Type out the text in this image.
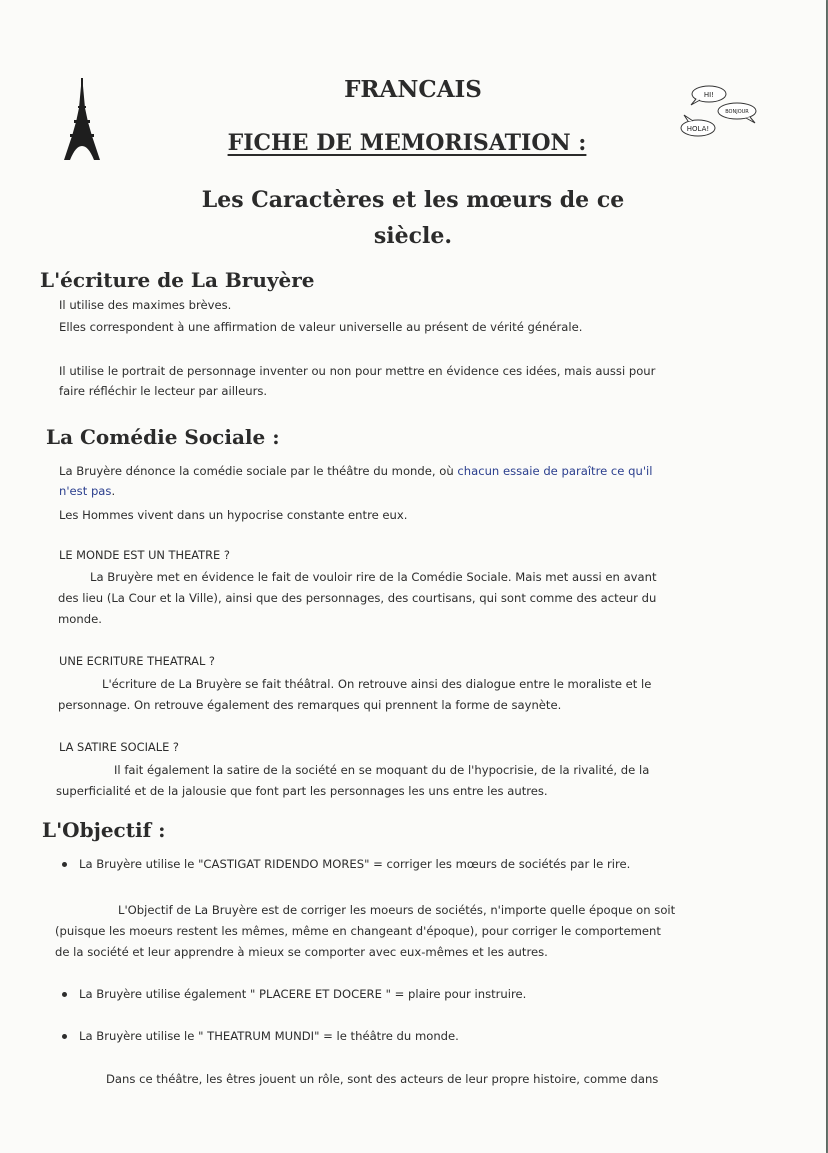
HI!
BONJOUR
HOLA!
FRANCAIS
FICHE DE MEMORISATION :
Les Caractères et les mœurs de ce
siècle.
L'écriture de La Bruyère
Il utilise des maximes brèves.
Elles correspondent à une affirmation de valeur universelle au présent de vérité générale.
Il utilise le portrait de personnage inventer ou non pour mettre en évidence ces idées, mais aussi pour
faire réfléchir le lecteur par ailleurs.
La Comédie Sociale :
La Bruyère dénonce la comédie sociale par le théâtre du monde, où chacun essaie de paraître ce qu'il
n'est pas.
Les Hommes vivent dans un hypocrise constante entre eux.
LE MONDE EST UN THEATRE ?
La Bruyère met en évidence le fait de vouloir rire de la Comédie Sociale. Mais met aussi en avant
des lieu (La Cour et la Ville), ainsi que des personnages, des courtisans, qui sont comme des acteur du
monde.
UNE ECRITURE THEATRAL ?
L'écriture de La Bruyère se fait théâtral. On retrouve ainsi des dialogue entre le moraliste et le
personnage. On retrouve également des remarques qui prennent la forme de saynète.
LA SATIRE SOCIALE ?
Il fait également la satire de la société en se moquant du de l'hypocrisie, de la rivalité, de la
superficialité et de la jalousie que font part les personnages les uns entre les autres.
L'Objectif :
La Bruyère utilise le "CASTIGAT RIDENDO MORES" = corriger les mœurs de sociétés par le rire.
L'Objectif de La Bruyère est de corriger les moeurs de sociétés, n'importe quelle époque on soit
(puisque les moeurs restent les mêmes, même en changeant d'époque), pour corriger le comportement
de la société et leur apprendre à mieux se comporter avec eux-mêmes et les autres.
La Bruyère utilise également " PLACERE ET DOCERE " = plaire pour instruire.
La Bruyère utilise le " THEATRUM MUNDI" = le théâtre du monde.
Dans ce théâtre, les êtres jouent un rôle, sont des acteurs de leur propre histoire, comme dans
